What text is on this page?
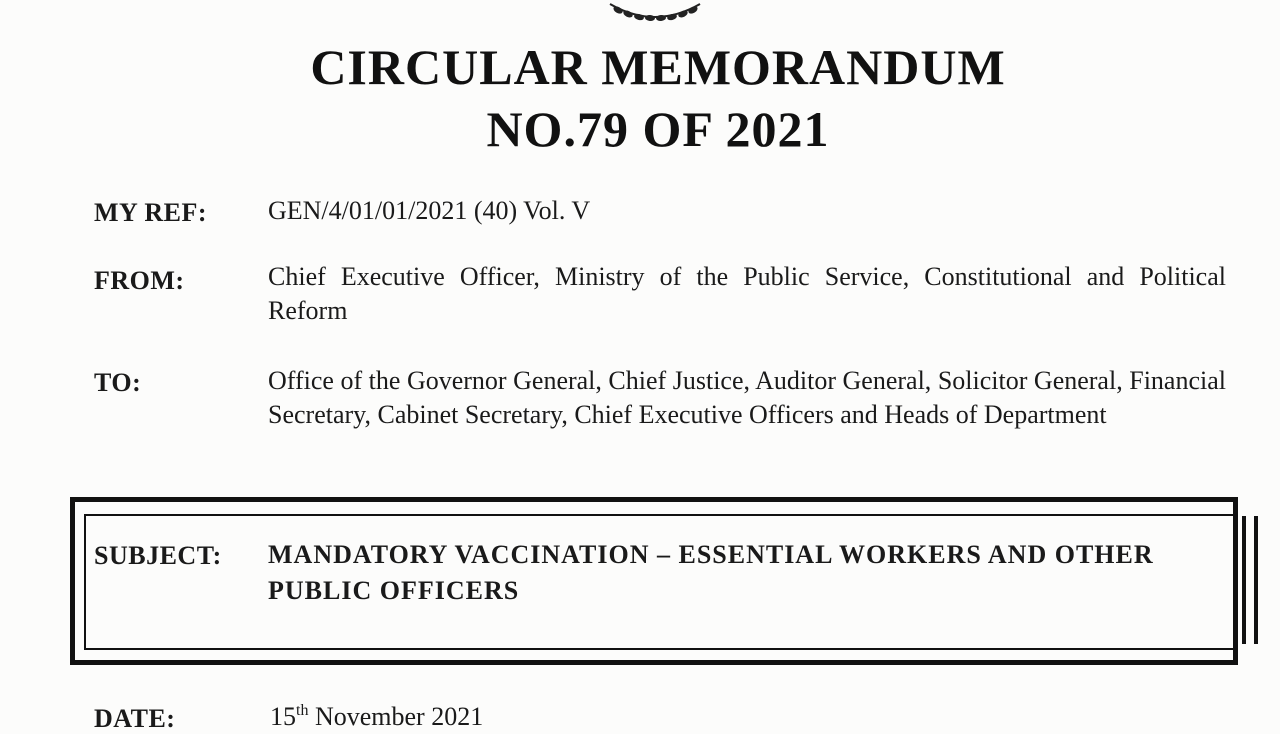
CIRCULAR MEMORANDUM
NO.79 OF 2021
MY REF: GEN/4/01/01/2021 (40) Vol. V
FROM:	Chief Executive Officer, Ministry of the Public Service, Constitutional and Political Reform
TO:	Office of the Governor General, Chief Justice, Auditor General, Solicitor General, Financial Secretary, Cabinet Secretary, Chief Executive Officers and Heads of Department
SUBJECT: MANDATORY VACCINATION – ESSENTIAL WORKERS AND OTHER PUBLIC OFFICERS
DATE:	15th November 2021
